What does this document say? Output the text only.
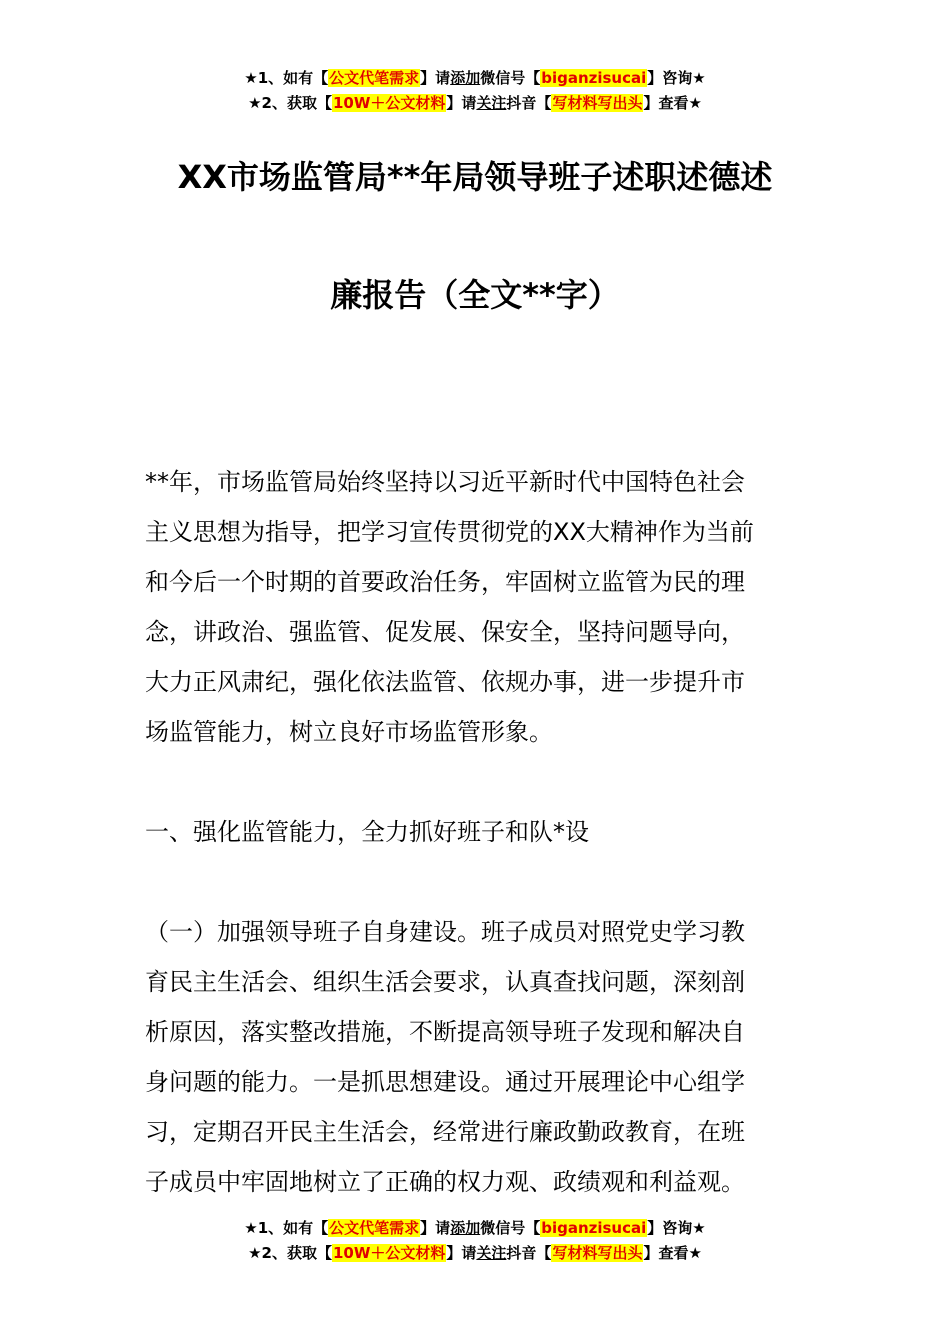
★1、如有【公文代笔需求】请添加微信号【biganzisucai】咨询★
★2、获取【10W＋公文材料】请关注抖音【写材料写出头】查看★
XX市场监管局**年局领导班子述职述德述
廉报告（全文**字）

**年，市场监管局始终坚持以习近平新时代中国特色社会

主义思想为指导，把学习宣传贯彻党的XX大精神作为当前

和今后一个时期的首要政治任务，牢固树立监管为民的理

念，讲政治、强监管、促发展、保安全，坚持问题导向，

大力正风肃纪，强化依法监管、依规办事，进一步提升市

场监管能力，树立良好市场监管形象。

一、强化监管能力，全力抓好班子和队*设

（一）加强领导班子自身建设。班子成员对照党史学习教

育民主生活会、组织生活会要求，认真查找问题，深刻剖

析原因，落实整改措施，不断提高领导班子发现和解决自

身问题的能力。一是抓思想建设。通过开展理论中心组学

习，定期召开民主生活会，经常进行廉政勤政教育，在班

子成员中牢固地树立了正确的权力观、政绩观和利益观。

★1、如有【公文代笔需求】请添加微信号【biganzisucai】咨询★
★2、获取【10W＋公文材料】请关注抖音【写材料写出头】查看★
